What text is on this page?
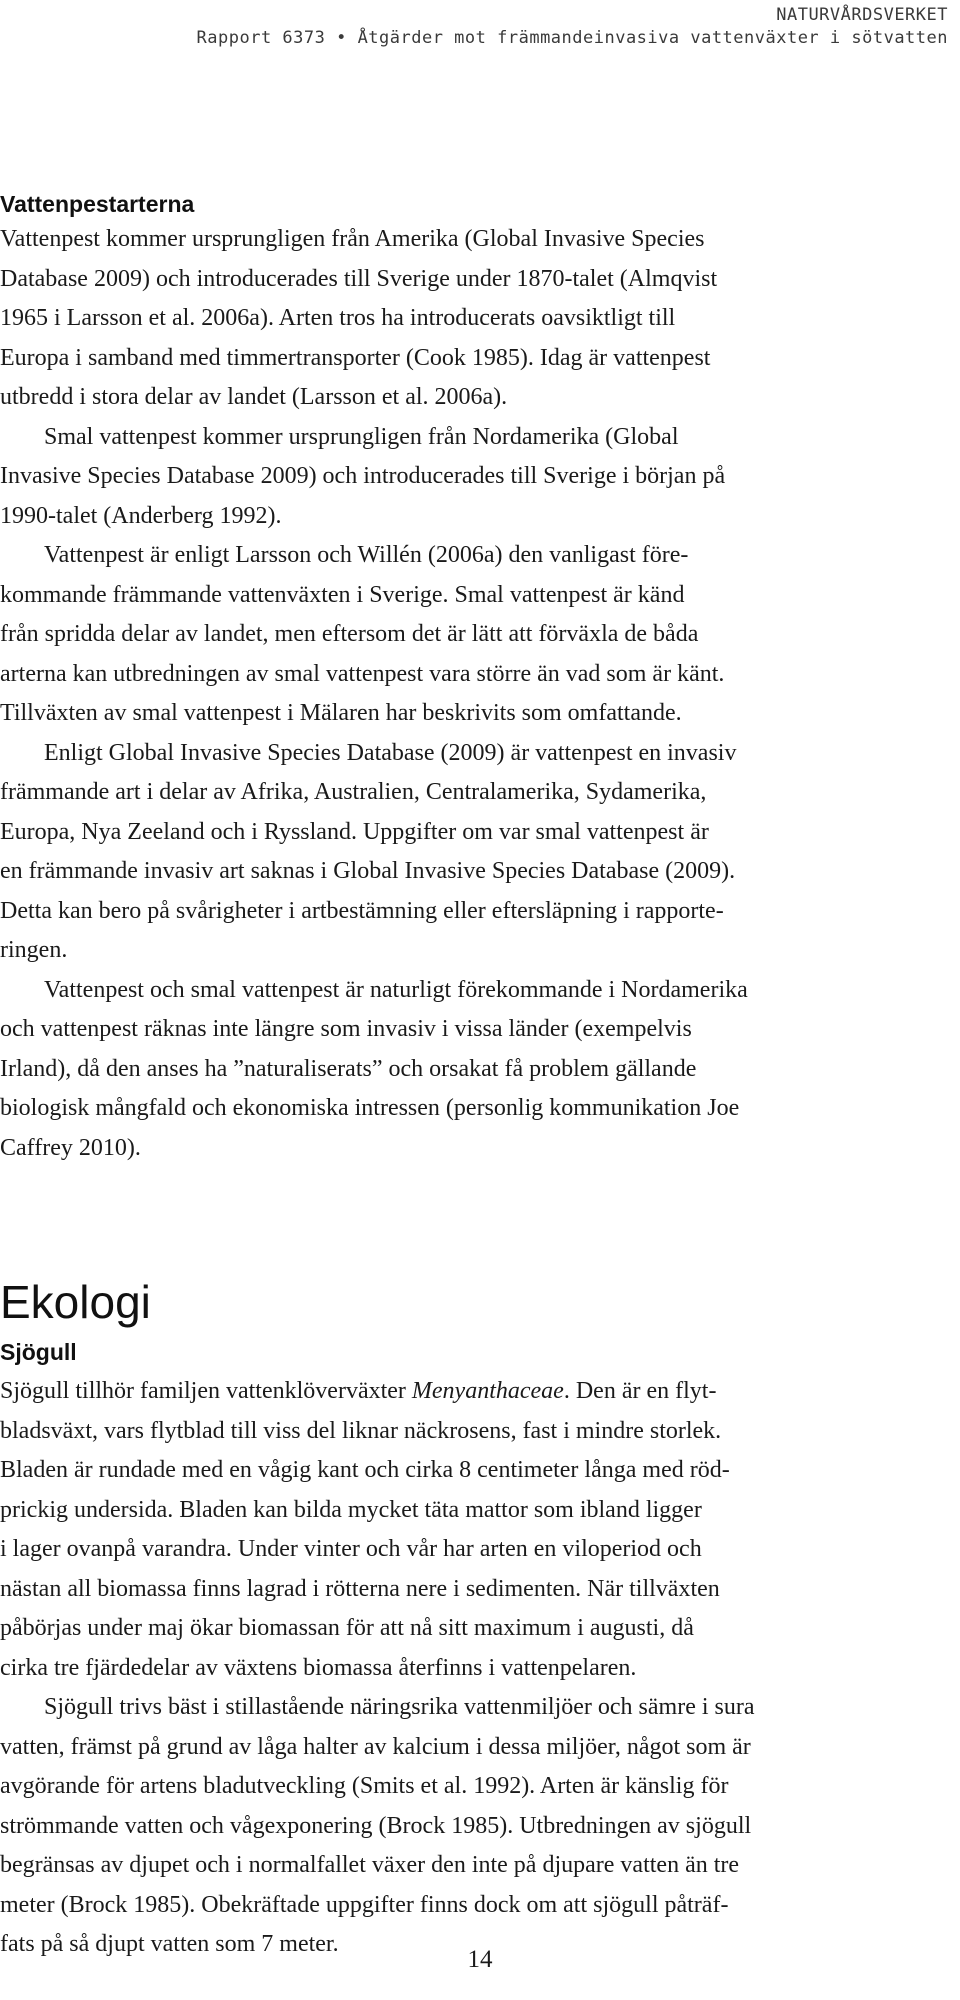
NATURVÅRDSVERKET
Rapport 6373 • Åtgärder mot främmandeinvasiva vattenväxter i sötvatten
Vattenpestarterna

Vattenpest kommer ursprungligen från Amerika (Global Invasive Species
Database 2009) och introducerades till Sverige under 1870-talet (Almqvist
1965 i Larsson et al. 2006a). Arten tros ha introducerats oavsiktligt till
Europa i samband med timmertransporter (Cook 1985). Idag är vattenpest
utbredd i stora delar av landet (Larsson et al. 2006a).

Smal vattenpest kommer ursprungligen från Nordamerika (Global
Invasive Species Database 2009) och introducerades till Sverige i början på
1990-talet (Anderberg 1992).

Vattenpest är enligt Larsson och Willén (2006a) den vanligast före-
kommande främmande vattenväxten i Sverige. Smal vattenpest är känd
från spridda delar av landet, men eftersom det är lätt att förväxla de båda
arterna kan utbredningen av smal vattenpest vara större än vad som är känt.
Tillväxten av smal vattenpest i Mälaren har beskrivits som omfattande.

Enligt Global Invasive Species Database (2009) är vattenpest en invasiv
främmande art i delar av Afrika, Australien, Centralamerika, Sydamerika,
Europa, Nya Zeeland och i Ryssland. Uppgifter om var smal vattenpest är
en främmande invasiv art saknas i Global Invasive Species Database (2009).
Detta kan bero på svårigheter i artbestämning eller eftersläpning i rapporte-
ringen.

Vattenpest och smal vattenpest är naturligt förekommande i Nordamerika
och vattenpest räknas inte längre som invasiv i vissa länder (exempelvis
Irland), då den anses ha ”naturaliserats” och orsakat få problem gällande
biologisk mångfald och ekonomiska intressen (personlig kommunikation Joe
Caffrey 2010).

Ekologi
Sjögull

Sjögull tillhör familjen vattenklöverväxter Menyanthaceae. Den är en flyt-
bladsväxt, vars flytblad till viss del liknar näckrosens, fast i mindre storlek.
Bladen är rundade med en vågig kant och cirka 8 centimeter långa med röd-
prickig undersida. Bladen kan bilda mycket täta mattor som ibland ligger
i lager ovanpå varandra. Under vinter och vår har arten en viloperiod och
nästan all biomassa finns lagrad i rötterna nere i sedimenten. När tillväxten
påbörjas under maj ökar biomassan för att nå sitt maximum i augusti, då
cirka tre fjärdedelar av växtens biomassa återfinns i vattenpelaren.

Sjögull trivs bäst i stillastående näringsrika vattenmiljöer och sämre i sura
vatten, främst på grund av låga halter av kalcium i dessa miljöer, något som är
avgörande för artens bladutveckling (Smits et al. 1992). Arten är känslig för
strömmande vatten och vågexponering (Brock 1985). Utbredningen av sjögull
begränsas av djupet och i normalfallet växer den inte på djupare vatten än tre
meter (Brock 1985). Obekräftade uppgifter finns dock om att sjögull påträf-
fats på så djupt vatten som 7 meter.

14
